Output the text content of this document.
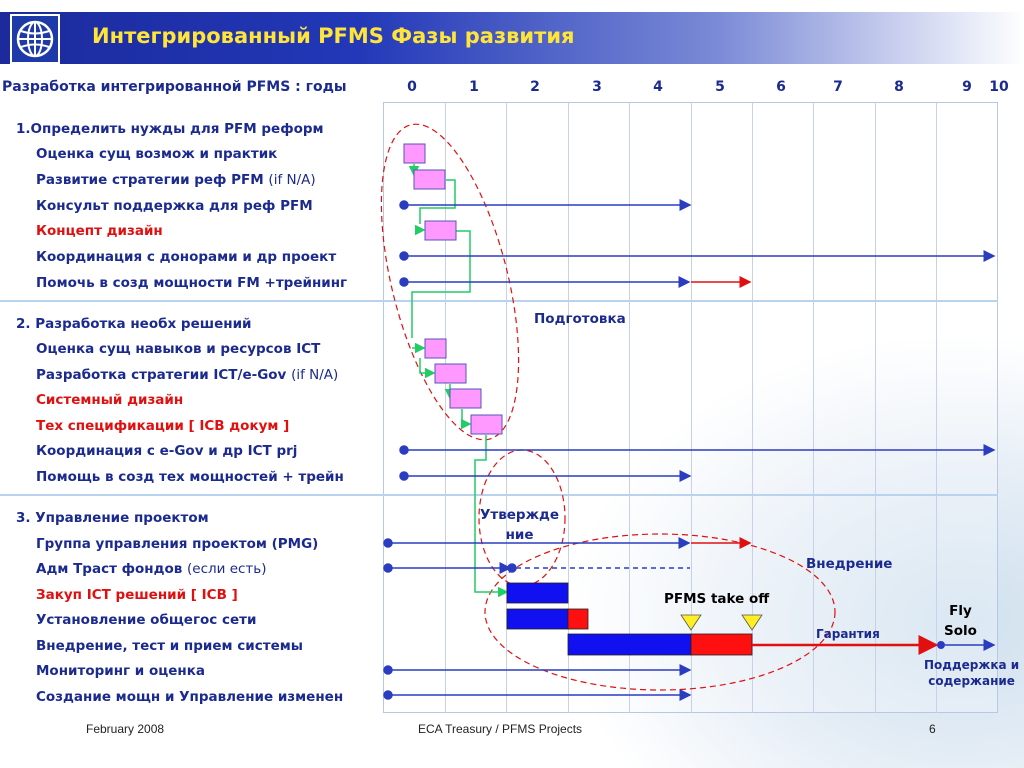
Интегрированный PFMS Фазы развития
Разработка интегрированной PFMS : годы	0	1	2	3	4	5	6	7	8	9 10
1.Определить нужды для PFM реформ
Оценка сущ возмож и практик
Развитие стратегии реф PFM (if N/A)
Консульт поддержка для реф PFM
Концепт дизайн
Координация с донорами и др проект
Помочь в созд мощности FM +трейнинг
2. Разработка необх решений
Оценка сущ навыков и ресурсов ICT
Разработка стратегии ICT/e-Gov (if N/A)
Системный дизайн
Тех спецификации [ ICB докум ]
Координация с e-Gov и др ICT prj
Помощь в созд тех мощностей + трейн
3. Управление проектом
Группа управления проектом (PMG)
Адм Траст фондов (если есть)
Закуп ICT решений [ ICB ]
Установление общегос сети
Внедрение, тест и прием системы
Мониторинг и оценка
Создание мощн и Управление изменен
Подготовка
Утвержде
ние
Внедрение
PFMS take off
Гарантия
Fly
Solo
Поддержка и
содержание
February 2008	ECA Treasury / PFMS Projects	6
